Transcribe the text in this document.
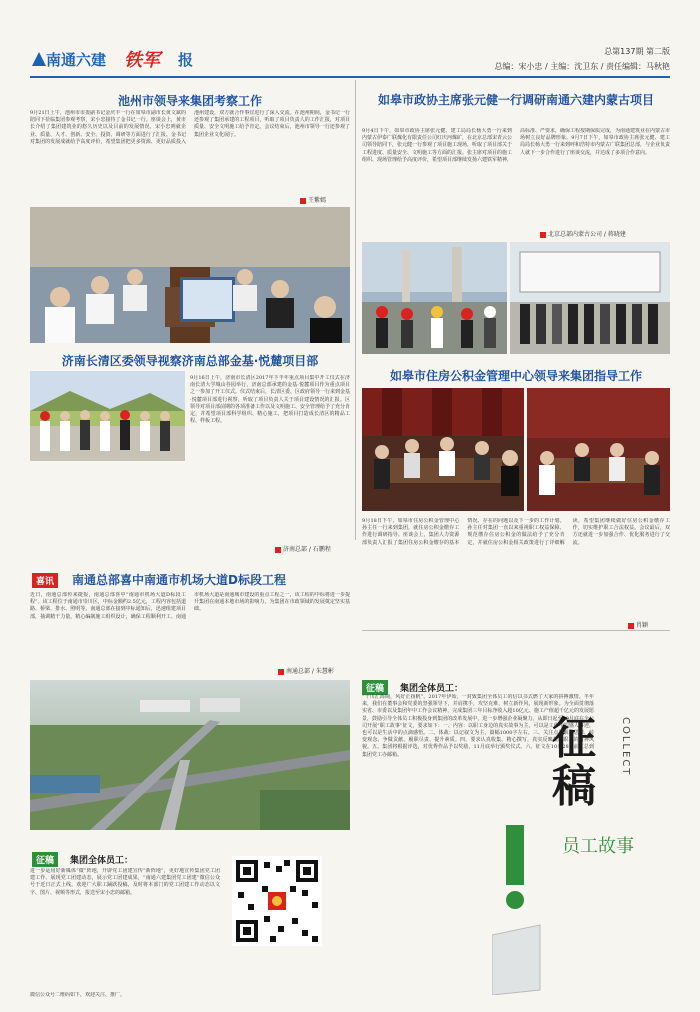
南通六建 铁军 报	总第137期 第二版
总编：宋小忠 / 主编：沈卫东 / 责任编辑：马秋艳
池州市领导来集团考察工作
9月21日上午，池州市市委副书记金庆丰一行在如皋市副市长黄文斌的陪同下莅临集团参观考察，宋小忠接待了金书记一行。座谈会上，黄市长介绍了集团建筑业的悠久历史以及目前的发展情况，宋小忠则就企业、质量、人才、创新、安全、投资、调研等方面进行了汇报。金书记对集团的发展成就给予高度评价，希望集团把更多资源、更好品质投入池州建设，双方就合作事宜进行了深入交流。在池州期间，金书记一行还参观了集团承建的工程项目，听取了项目负责人的工作汇报，对项目质量、安全文明施工给予肯定。会议结束后，池州市领导一行还参观了集团企业文化展厅。
王紫嫣
如皋市政协主席张元健一行调研南通六建内蒙古项目
9月4日下午，如皋市政协主席张元健、建工局局长杨大勇一行来到内蒙古伊泰广联煤化有限责任公司红庆河煤矿，在北京总部宋青云公司领导陪同下，张元健一行参观了项目施工现场，听取了项目部关于工程进度、质量安全、文明施工等方面的汇报。张主席对项目的施工组织、现场管理给予高度评价，希望项目部继续发扬六建铁军精神，高标准、严要求，确保工程按期保质完成，为南通建筑业在内蒙古市场树立良好品牌形象。9月7日下午，如皋市政协主席张元健、建工局局长杨大勇一行来到呼和浩特市内蒙古广联集团总部，与企业负责人就下一步合作进行了座谈交流，并达成了多项合作意向。
北京总部内蒙古公司 / 蒋晓建
济南长清区委领导视察济南总部金基·悦麓项目部
9月16日上午，济南市长清区2017年下半年重点项目集中开工仪式在济南长清大学城山谷园举行，济南总部承建的金基·悦麓项目作为重点项目之一参加了开工仪式。仪式结束后，长清区委、区政府领导一行来到金基·悦麓项目部进行视察，听取了项目负责人关于项目建设情况的汇报。区领导对项目部前期的各项准备工作以及文明施工、安全管理给予了充分肯定，并希望项目部科学组织、精心施工，把项目打造成长清区的精品工程、样板工程。
济南总部 / 石鹏程
如皋市住房公积金管理中心领导来集团指导工作
9月18日下午，如皋市住房公积金管理中心孙主任一行来到集团，就住房公积金缴存工作进行调研指导。座谈会上，集团人力资源部负责人汇报了集团住房公积金缴存的基本情况、存在的问题以及下一步的工作计划。孙主任对集团一直以来重视职工权益保障、规范缴存住房公积金的做法给予了充分肯定，并就住房公积金相关政策进行了详细解读，希望集团继续做好住房公积金缴存工作，切实维护职工合法权益。会议最后，双方还就进一步加强合作、优化服务进行了交流。
肖颖
喜讯	南通总部喜中南通市机场大道D标段工程
近日，南通总部传来捷报，南通总部喜中“南通市机场大道D标段工程”。该工程位于南通市崇川区，中标金额约2.5亿元，工程内容包括道路、桥梁、排水、照明等。南通总部在接到中标通知后，迅速组建项目部，抽调精干力量，精心编制施工组织设计，确保工程顺利开工。南通市机场大道是南通城市建设的重点工程之一，该工程的中标将进一步提升集团在南通本地市场的影响力，为集团在市政领域的发展奠定坚实基础。
南通总部 / 朱慧彬
征稿	集团全体员工：
“千川汇海阔，风好正扬帆”。2017年伊始，一封致集团全体员工的信以书式燃了大家的拼搏激情。半年来，我们在董事会和党委的坚强领导下，并肩携手，攻坚克难，树立新作风，展现新形象。为全面贯彻落实省、市委以及集团年中工作会议精神，完成集团三年目标净收入超10亿元、施工产值超千亿元的发展愿景，鼓励引导全体员工积极投身到集团的改革发展中，进一步增强企业凝聚力，从即日起至10月底在全公司开展“职工故事”征文，要求如下：一、内容：以职工身边的真实故事为主，可以是工作中的感人事迹，也可以是生活中的点滴感悟。二、体裁：以记叙文为主，篇幅1000字左右。三、关注点是解放思想、转变观念、争做贡献、履职尽责、提升素质。四、要求认真收集、精心撰写，真实反映集团职工的精神风貌。五、集团将根据评选，对优秀作品予以奖励，11月底举行颁奖仪式。六、征文在10月28日前汇总到集团党工办邮箱。	征稿
COLLECT
员工故事
征稿	集团全体员工：
进一步运用好新媒体“微”阵地，开辟党工团建宣传“新阵地”，更好地宣传集团党工团建工作、展现党工团建动态，展示党工团建成果，“南通六建集团党工团建”微信公众号于近日正式上线。欢迎广大职工踊跃投稿，及时将本部门的党工团建工作动态以文字、图片、视频等形式，报送至宋小忠的邮箱。
微信公众号二维码如下，欢迎关注、推广。
